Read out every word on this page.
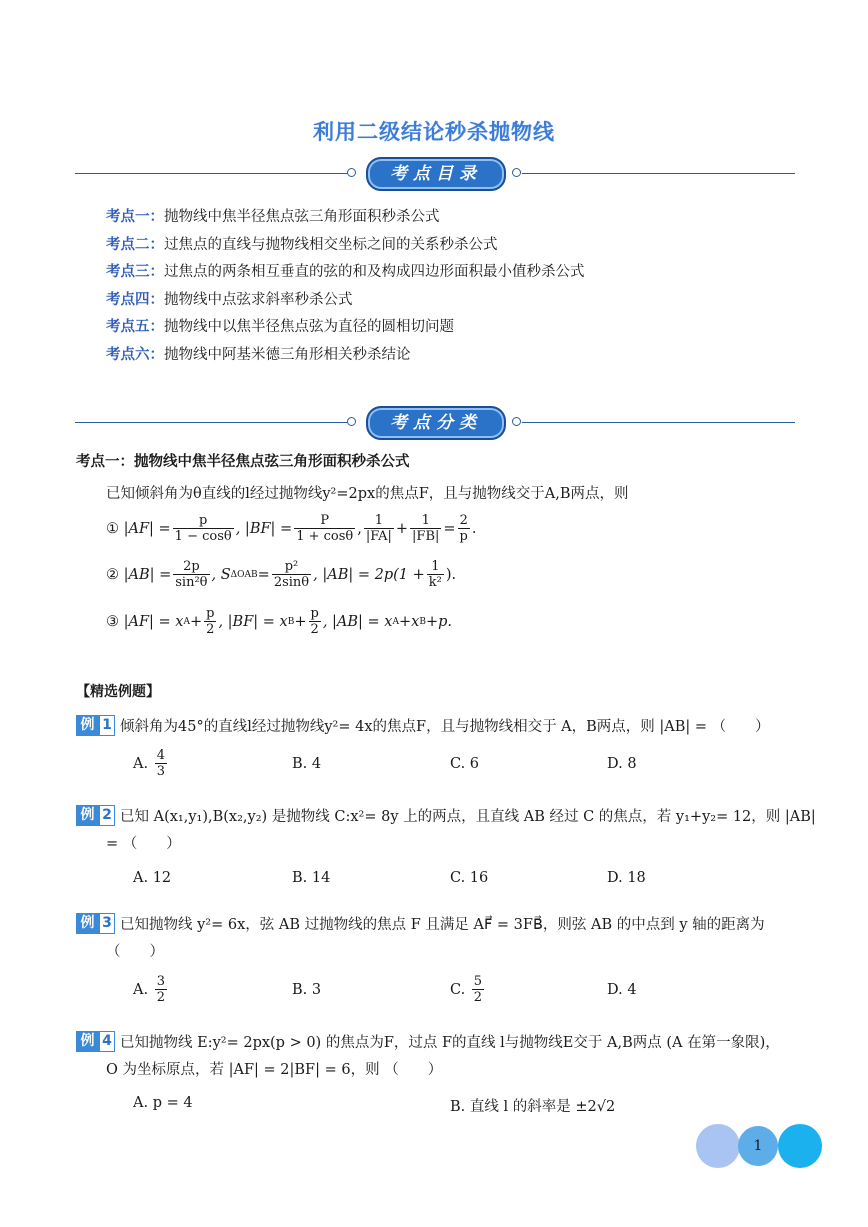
利用二级结论秒杀抛物线
考点目录
考点一：抛物线中焦半径焦点弦三角形面积秒杀公式
考点二：过焦点的直线与抛物线相交坐标之间的关系秒杀公式
考点三：过焦点的两条相互垂直的弦的和及构成四边形面积最小值秒杀公式
考点四：抛物线中点弦求斜率秒杀公式
考点五：抛物线中以焦半径焦点弦为直径的圆相切问题
考点六：抛物线中阿基米德三角形相关秒杀结论
考点分类
考点一：抛物线中焦半径焦点弦三角形面积秒杀公式
已知倾斜角为θ直线的l经过抛物线y²=2px的焦点F，且与抛物线交于A,B两点，则
①
$|AF| = \frac{p}{1 - \cos\theta}$ , $|BF| = \frac{P}{1 + \cos\theta}$ , $\frac{1}{|FA|} + \frac{1}{|FB|} = \frac{2}{p}$ .
②
$|AB| = \frac{2p}{\text{sin²θ}}$ , S $\Delta OAB = \frac{\text{p²}}{2\sin\theta}$ , $|AB| = 2p(1 + \frac{1}{\text{k²}}$ ).
③
|AF| = x $A + \frac{p}{2}$ , |BF| = x $B + \frac{p}{2}$ , |AB| = x A +x B +p.
【精选例题】
例 1 倾斜角为45°的直线l经过抛物线y²= 4x的焦点F，且与抛物线相交于 A，B两点，则 |AB| = （　　）
A.
$\frac{4}{3}$	B. 4	C. 6	D. 8
例 2 已知 A(x₁,y₁),B(x₂,y₂) 是抛物线 C:x²= 8y 上的两点，且直线 AB 经过 C 的焦点，若 y₁+y₂= 12，则 |AB|
= （　　）
A. 12	B. 14	C. 16	D. 18
例 3 已知抛物线 y²= 6x，弦 AB 过抛物线的焦点 F 且满足 AF⃗ = 3FB⃗，则弦 AB 的中点到 y 轴的距离为
（　　）
A.
$\frac{3}{2}$	B. 3	C.
$\frac{5}{2}$	D. 4
例 4 已知抛物线 E:y²= 2px(p > 0) 的焦点为F，过点 F的直线 l与抛物线E交于 A,B两点 (A 在第一象限)，
O 为坐标原点，若 |AF| = 2|BF| = 6，则 （　　）
A. p = 4	B. 直线 l 的斜率是 ±2√2
1
